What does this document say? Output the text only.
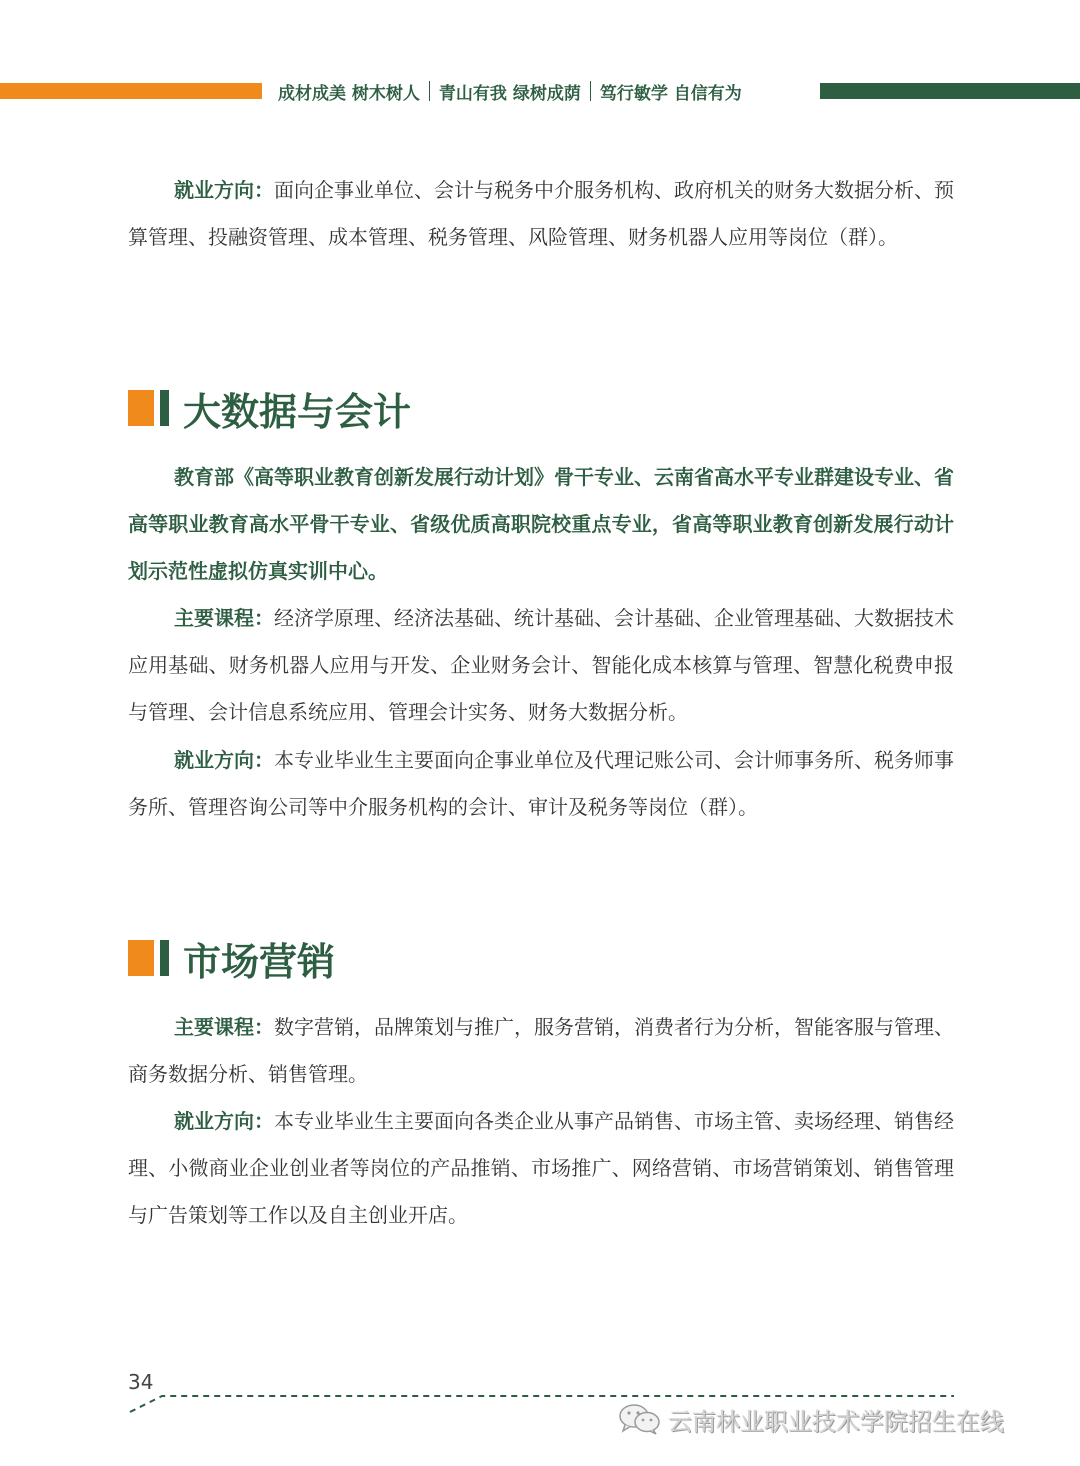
成材成美 树木树人 青山有我 绿树成荫 笃行敏学 自信有为

就业方向：面向企事业单位、会计与税务中介服务机构、政府机关的财务大数据分析、预算管理、投融资管理、成本管理、税务管理、风险管理、财务机器人应用等岗位（群）。

大数据与会计

教育部《高等职业教育创新发展行动计划》骨干专业、云南省高水平专业群建设专业、省高等职业教育高水平骨干专业、省级优质高职院校重点专业，省高等职业教育创新发展行动计划示范性虚拟仿真实训中心。

主要课程：经济学原理、经济法基础、统计基础、会计基础、企业管理基础、大数据技术应用基础、财务机器人应用与开发、企业财务会计、智能化成本核算与管理、智慧化税费申报与管理、会计信息系统应用、管理会计实务、财务大数据分析。

就业方向：本专业毕业生主要面向企事业单位及代理记账公司、会计师事务所、税务师事务所、管理咨询公司等中介服务机构的会计、审计及税务等岗位（群）。

市场营销

主要课程：数字营销，品牌策划与推广，服务营销，消费者行为分析，智能客服与管理、商务数据分析、销售管理。

就业方向：本专业毕业生主要面向各类企业从事产品销售、市场主管、卖场经理、销售经理、小微商业企业创业者等岗位的产品推销、市场推广、网络营销、市场营销策划、销售管理与广告策划等工作以及自主创业开店。

34
云南林业职业技术学院招生在线
